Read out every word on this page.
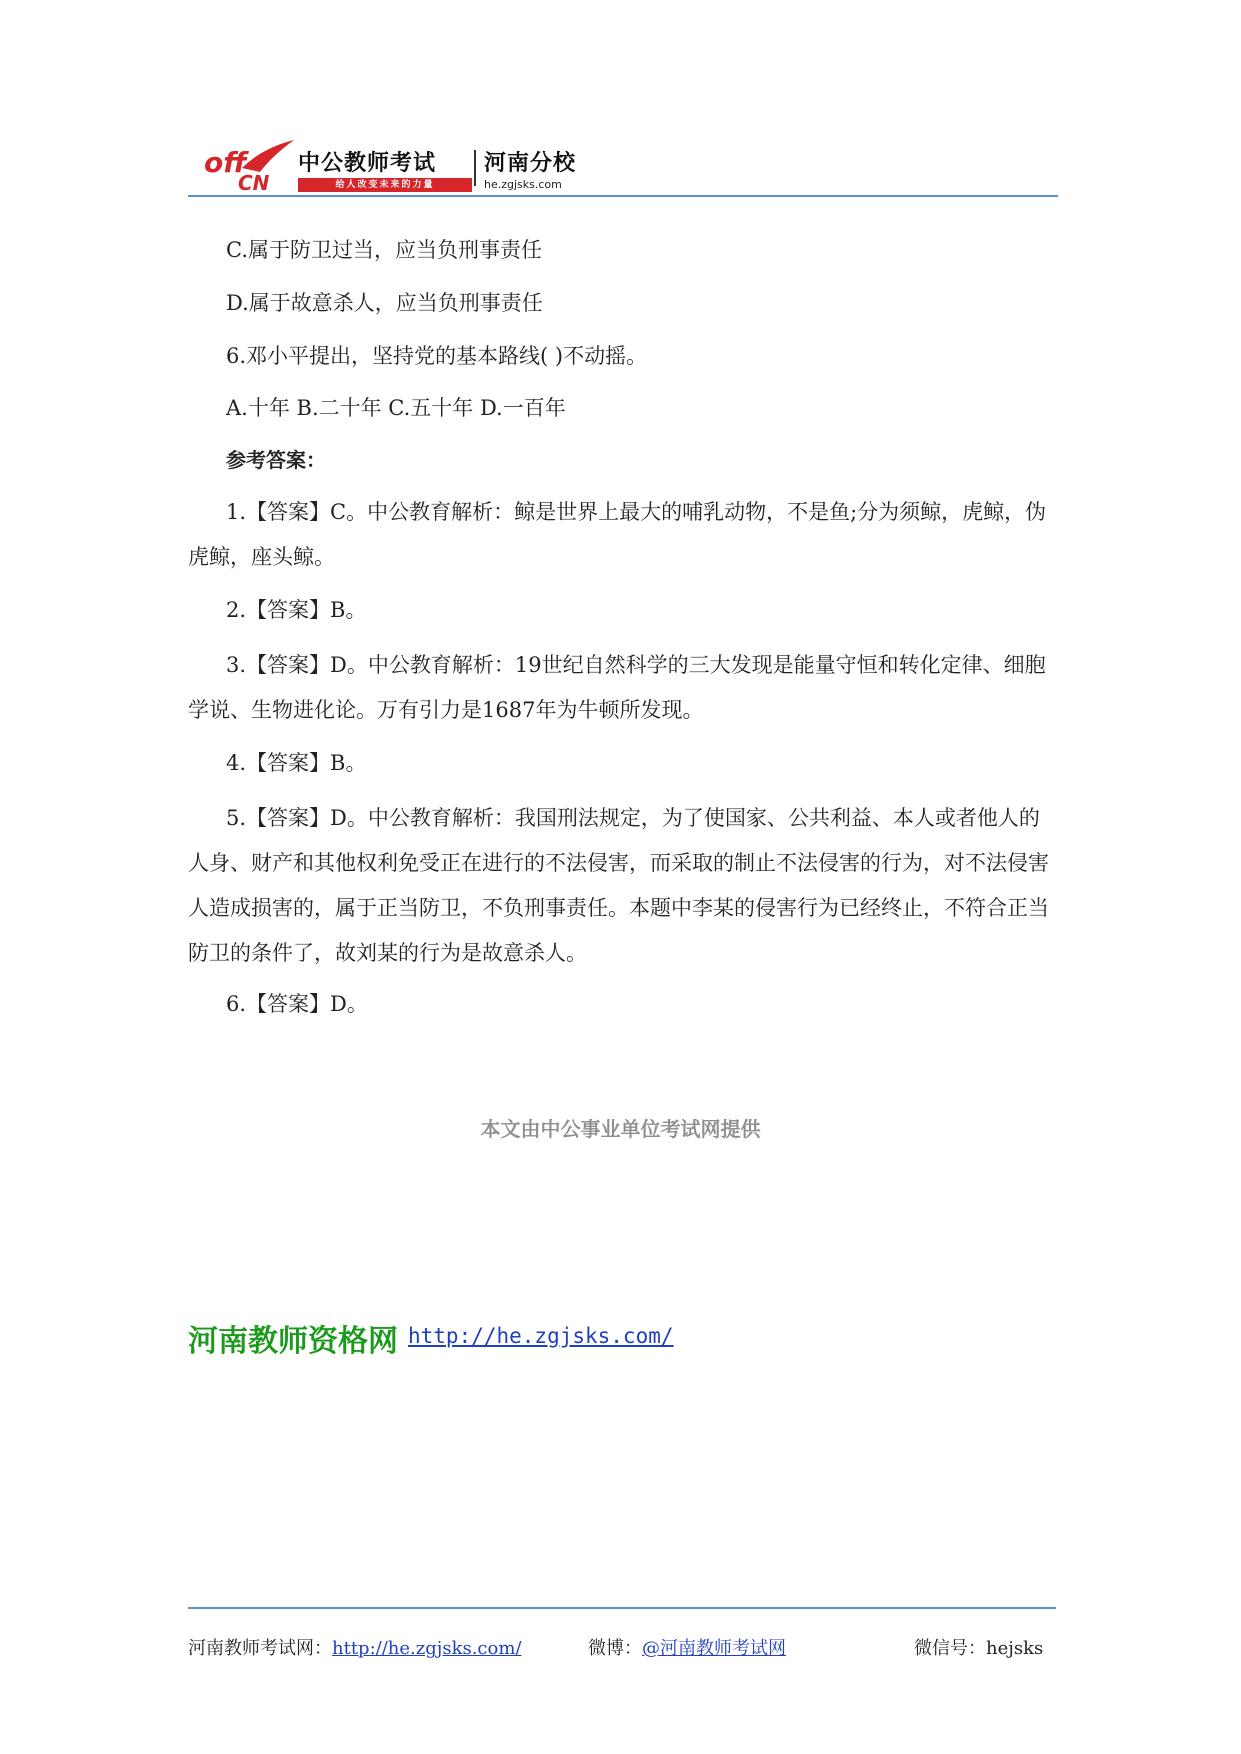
off
CN
中公教师考试 河南分校
给人改变未来的力量	he.zgjsks.com
C.属于防卫过当，应当负刑事责任
D.属于故意杀人，应当负刑事责任
6.邓小平提出，坚持党的基本路线( )不动摇。
A.十年 B.二十年 C.五十年 D.一百年
参考答案：
1.【答案】C。中公教育解析：鲸是世界上最大的哺乳动物，不是鱼;分为须鲸，虎鲸，伪虎鲸，座头鲸。
2.【答案】B。
3.【答案】D。中公教育解析：19世纪自然科学的三大发现是能量守恒和转化定律、细胞学说、生物进化论。万有引力是1687年为牛顿所发现。
4.【答案】B。
5.【答案】D。中公教育解析：我国刑法规定，为了使国家、公共利益、本人或者他人的人身、财产和其他权利免受正在进行的不法侵害，而采取的制止不法侵害的行为，对不法侵害人造成损害的，属于正当防卫，不负刑事责任。本题中李某的侵害行为已经终止，不符合正当防卫的条件了，故刘某的行为是故意杀人。
6.【答案】D。
本文由中公事业单位考试网提供
河南教师资格网 http://he.zgjsks.com/
河南教师考试网：http://he.zgjsks.com/	微博：@河南教师考试网	微信号：hejsks
